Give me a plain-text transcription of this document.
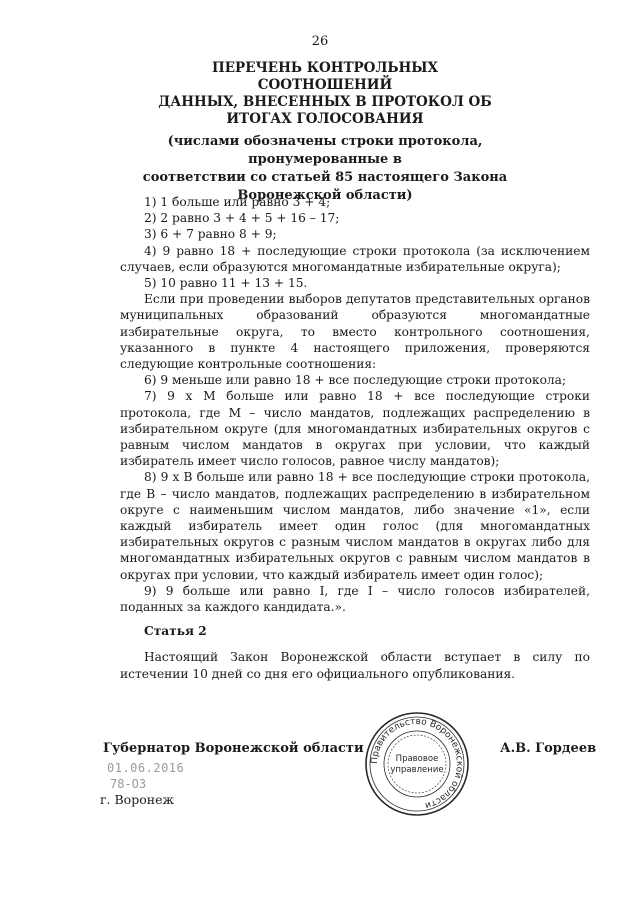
26
ПЕРЕЧЕНЬ КОНТРОЛЬНЫХ СООТНОШЕНИЙ
ДАННЫХ, ВНЕСЕННЫХ В ПРОТОКОЛ ОБ
ИТОГАХ ГОЛОСОВАНИЯ
(числами обозначены строки протокола, пронумерованные в
соответствии со статьей 85 настоящего Закона
Воронежской области)

1) 1 больше или равно 3 + 4;

2) 2 равно 3 + 4 + 5 + 16 – 17;

3) 6 + 7 равно 8 + 9;

4) 9 равно 18 + последующие строки протокола (за исключением случаев, если образуются многомандатные избирательные округа);

5) 10 равно 11 + 13 + 15.

Если при проведении выборов депутатов представительных органов муниципальных образований образуются многомандатные избирательные округа, то вместо контрольного соотношения, указанного в пункте 4 настоящего приложения, проверяются следующие контрольные соотношения:

6) 9 меньше или равно 18 + все последующие строки протокола;

7) 9 x M больше или равно 18 + все последующие строки протокола, где M – число мандатов, подлежащих распределению в избирательном округе (для многомандатных избирательных округов с равным числом мандатов в округах при условии, что каждый избиратель имеет число голосов, равное числу мандатов);

8) 9 x B больше или равно 18 + все последующие строки протокола, где B – число мандатов, подлежащих распределению в избирательном округе с наименьшим числом мандатов, либо значение «1», если каждый избиратель имеет один голос (для многомандатных избирательных округов с разным числом мандатов в округах либо для многомандатных избирательных округов с равным числом мандатов в округах при условии, что каждый избиратель имеет один голос);

9) 9 больше или равно I, где I – число голосов избирателей, поданных за каждого кандидата.».

Статья 2

Настоящий Закон Воронежской области вступает в силу по истечении 10 дней со дня его официального опубликования.

Губернатор Воронежской области	А.В. Гордеев
01.06.2016
78-ОЗ
г. Воронеж
Правительство Воронежской области
Правовое
управление
